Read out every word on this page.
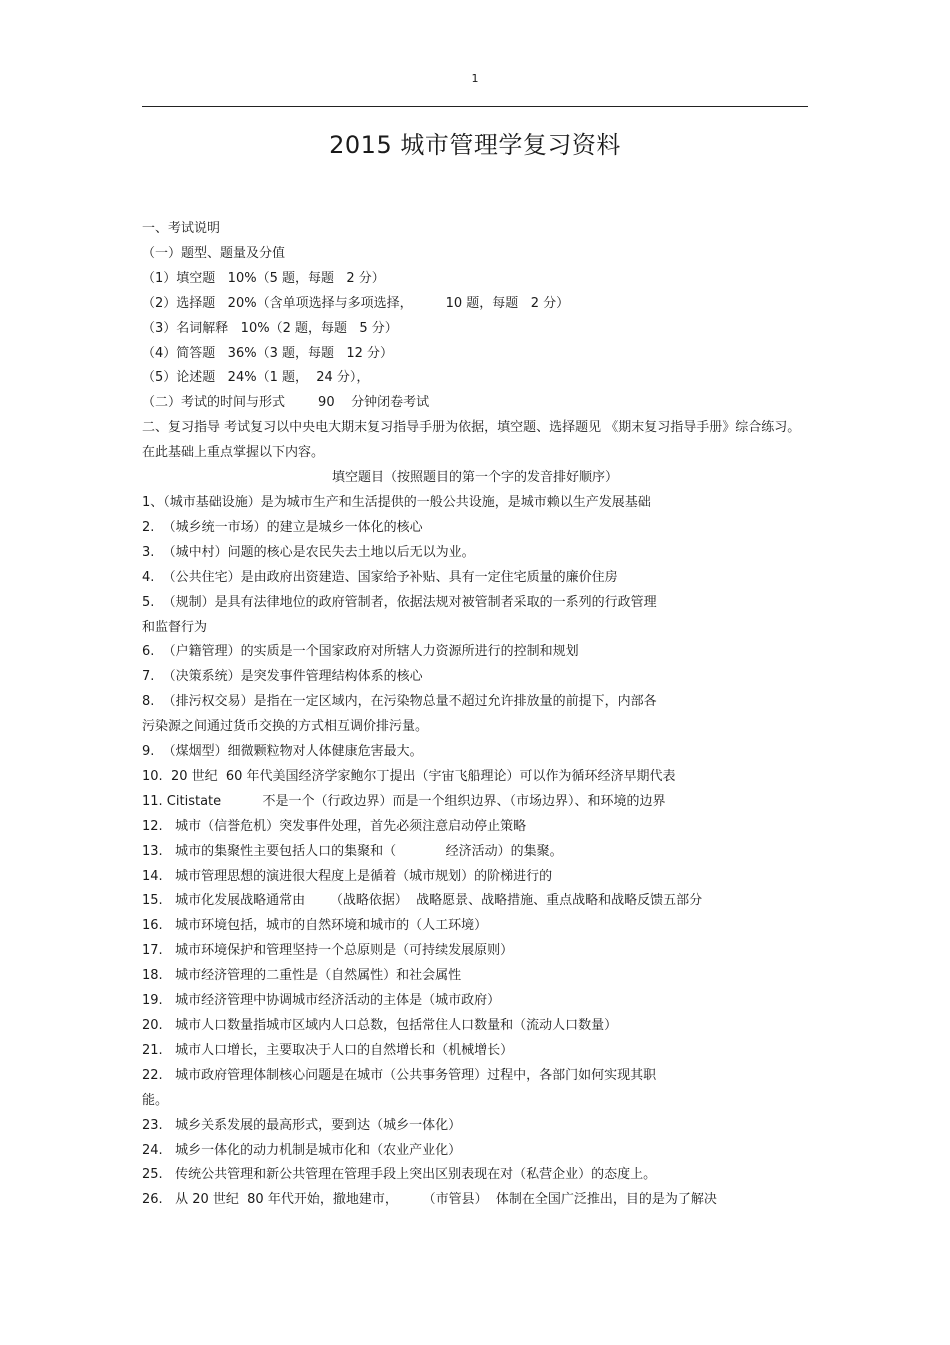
1
2015 城市管理学复习资料
一、考试说明
（一）题型、题量及分值
（1）填空题   10%（5 题，每题   2 分）
（2）选择题   20%（含单项选择与多项选择，        10 题，每题   2 分）
（3）名词解释   10%（2 题，每题   5 分）
（4）简答题   36%（3 题，每题   12 分）
（5）论述题   24%（1 题，  24 分），
（二）考试的时间与形式        90    分钟闭卷考试
二、复习指导 考试复习以中央电大期末复习指导手册为依据，填空题、选择题见 《期末复习指导手册》综合练习。在此基础上重点掌握以下内容。
填空题目（按照题目的第一个字的发音排好顺序）
1、（城市基础设施）是为城市生产和生活提供的一般公共设施，是城市赖以生产发展基础
2.  （城乡统一市场）的建立是城乡一体化的核心
3.  （城中村）问题的核心是农民失去土地以后无以为业。
4.  （公共住宅）是由政府出资建造、国家给予补贴、具有一定住宅质量的廉价住房
5.  （规制）是具有法律地位的政府管制者，依据法规对被管制者采取的一系列的行政管理
和监督行为
6.  （户籍管理）的实质是一个国家政府对所辖人力资源所进行的控制和规划
7.  （决策系统）是突发事件管理结构体系的核心
8.  （排污权交易）是指在一定区域内，在污染物总量不超过允许排放量的前提下，内部各
污染源之间通过货币交换的方式相互调价排污量。
9.  （煤烟型）细微颗粒物对人体健康危害最大。
10.  20 世纪  60 年代美国经济学家鲍尔丁提出（宇宙飞船理论）可以作为循环经济早期代表
11. Citistate          不是一个（行政边界）而是一个组织边界、（市场边界）、和环境的边界
12.   城市（信誉危机）突发事件处理，首先必须注意启动停止策略
13.   城市的集聚性主要包括人口的集聚和（            经济活动）的集聚。
14.   城市管理思想的演进很大程度上是循着（城市规划）的阶梯进行的
15.   城市化发展战略通常由      （战略依据）  战略愿景、战略措施、重点战略和战略反馈五部分
16.   城市环境包括，城市的自然环境和城市的（人工环境）
17.   城市环境保护和管理坚持一个总原则是（可持续发展原则）
18.   城市经济管理的二重性是（自然属性）和社会属性
19.   城市经济管理中协调城市经济活动的主体是（城市政府）
20.   城市人口数量指城市区域内人口总数，包括常住人口数量和（流动人口数量）
21.   城市人口增长，主要取决于人口的自然增长和（机械增长）
22.   城市政府管理体制核心问题是在城市（公共事务管理）过程中，各部门如何实现其职
能。
23.   城乡关系发展的最高形式，要到达（城乡一体化）
24.   城乡一体化的动力机制是城市化和（农业产业化）
25.   传统公共管理和新公共管理在管理手段上突出区别表现在对（私营企业）的态度上。
26.   从 20 世纪  80 年代开始，撤地建市，      （市管县）  体制在全国广泛推出，目的是为了解决
